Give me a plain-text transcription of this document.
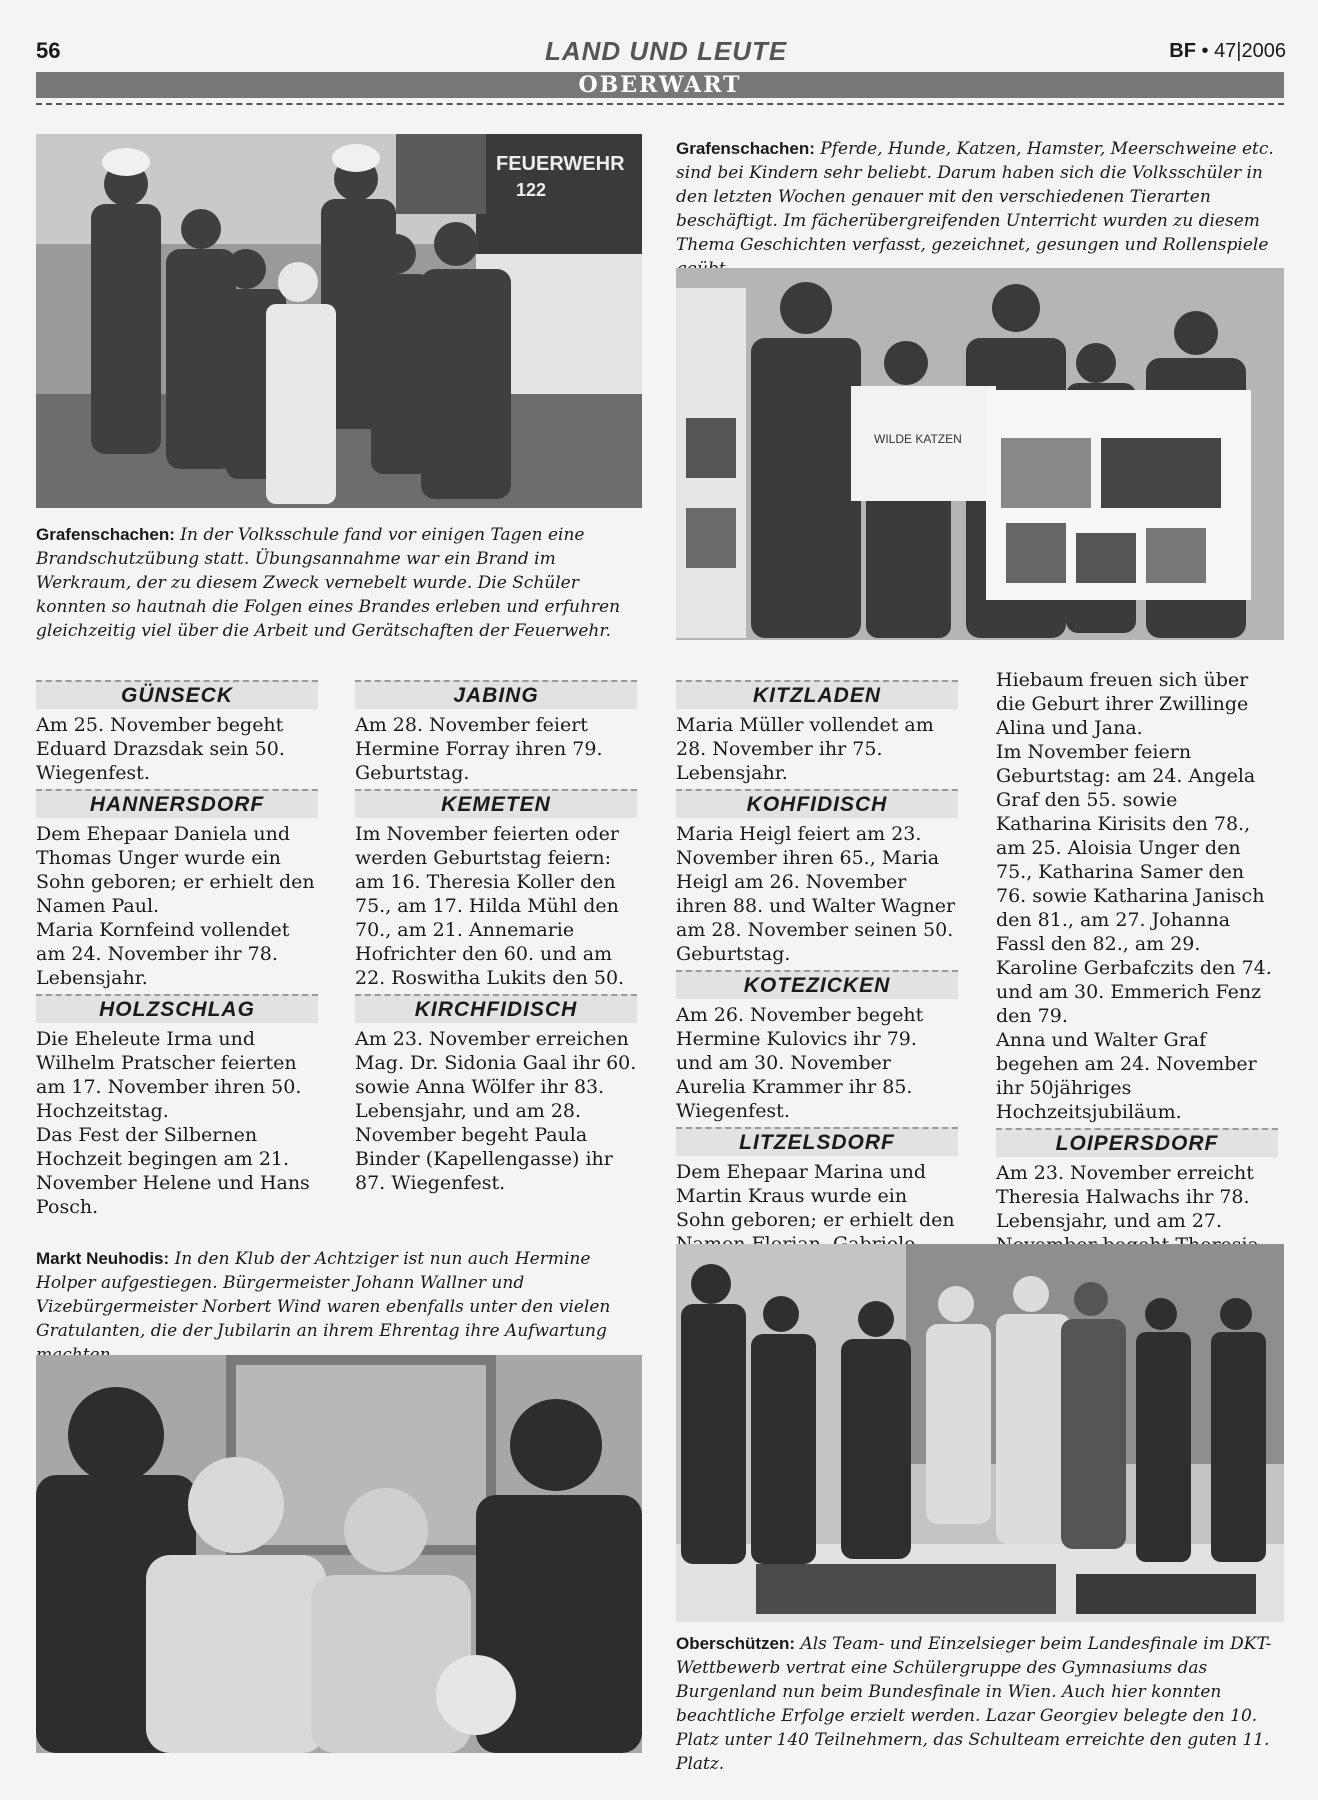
56	LAND UND LEUTE	BF • 47|2006
OBERWART
FEUERWEHR
122
Grafenschachen: In der Volksschule fand vor einigen Tagen eine Brandschutzübung statt. Übungsannahme war ein Brand im Werkraum, der zu diesem Zweck vernebelt wurde. Die Schüler konnten so hautnah die Folgen eines Brandes erleben und erfuhren gleichzeitig viel über die Arbeit und Gerätschaften der Feuerwehr.
Grafenschachen: Pferde, Hunde, Katzen, Hamster, Meerschweine etc. sind bei Kindern sehr beliebt. Darum haben sich die Volksschüler in den letzten Wochen genauer mit den verschiedenen Tierarten beschäftigt. Im fächerübergreifenden Unterricht wurden zu diesem Thema Geschichten verfasst, gezeichnet, gesungen und Rollenspiele
WILDE KATZEN
GÜNSECK

Am 25. November begeht Eduard Drazsdak sein 50. Wiegenfest.

HANNERSDORF

Dem Ehepaar Daniela und Thomas Unger wurde ein Sohn geboren; er erhielt den Namen Paul.

Maria Kornfeind vollendet am 24. November ihr 78. Lebensjahr.

HOLZSCHLAG

Die Eheleute Irma und Wilhelm Pratscher feierten am 17. November ihren 50. Hochzeitstag.

Das Fest der Silbernen Hochzeit begingen am 21. November Helene und Hans Posch.

JABING

Am 28. November feiert Hermine Forray ihren 79. Geburtstag.

KEMETEN

Im November feierten oder werden Geburtstag feiern: am 16. Theresia Koller den 75., am 17. Hilda Mühl den 70., am 21. Annemarie Hofrichter den 60. und am 22. Roswitha Lukits den 50.

KIRCHFIDISCH

Am 23. November erreichen Mag. Dr. Sidonia Gaal ihr 60. sowie Anna Wölfer ihr 83. Lebensjahr, und am 28. November begeht Paula Binder (Kapellengasse) ihr 87. Wiegenfest.

KITZLADEN

Maria Müller vollendet am 28. November ihr 75. Lebensjahr.

KOHFIDISCH

Maria Heigl feiert am 23. November ihren 65., Maria Heigl am 26. November ihren 88. und Walter Wagner am 28. November seinen 50. Geburtstag.

KOTEZICKEN

Am 26. November begeht Hermine Kulovics ihr 79. und am 30. November Aurelia Krammer ihr 85. Wiegenfest.

LITZELSDORF

Dem Ehepaar Marina und Martin Kraus wurde ein Sohn geboren; er erhielt den

Hiebaum freuen sich über die Geburt ihrer Zwillinge Alina und Jana.

Im November feiern Geburtstag: am 24. Angela Graf den 55. sowie Katharina Kirisits den 78., am 25. Aloisia Unger den 75., Katharina Samer den 76. sowie Katharina Janisch den 81., am 27. Johanna Fassl den 82., am 29. Karoline Gerbafczits den 74. und am 30. Emmerich Fenz den 79.

Anna und Walter Graf begehen am 24. November ihr 50jähriges Hochzeitsjubiläum.

LOIPERSDORF

Am 23. November erreicht Theresia Halwachs ihr 78. Lebensjahr, und am 27.

Markt Neuhodis: In den Klub der Achtziger ist nun auch Hermine Holper aufgestiegen. Bürgermeister Johann Wallner und Vizebürgermeister Norbert Wind waren ebenfalls unter den vielen Gratulanten, die der Jubilarin an ihrem Ehrentag ihre Aufwartung
Oberschützen: Als Team- und Einzelsieger beim Landesfinale im DKT-Wettbewerb vertrat eine Schülergruppe des Gymnasiums das Burgenland nun beim Bundesfinale in Wien. Auch hier konnten beachtliche Erfolge erzielt werden. Lazar Georgiev belegte den 10. Platz unter 140 Teilnehmern, das Schulteam erreichte den guten 11. Platz.
